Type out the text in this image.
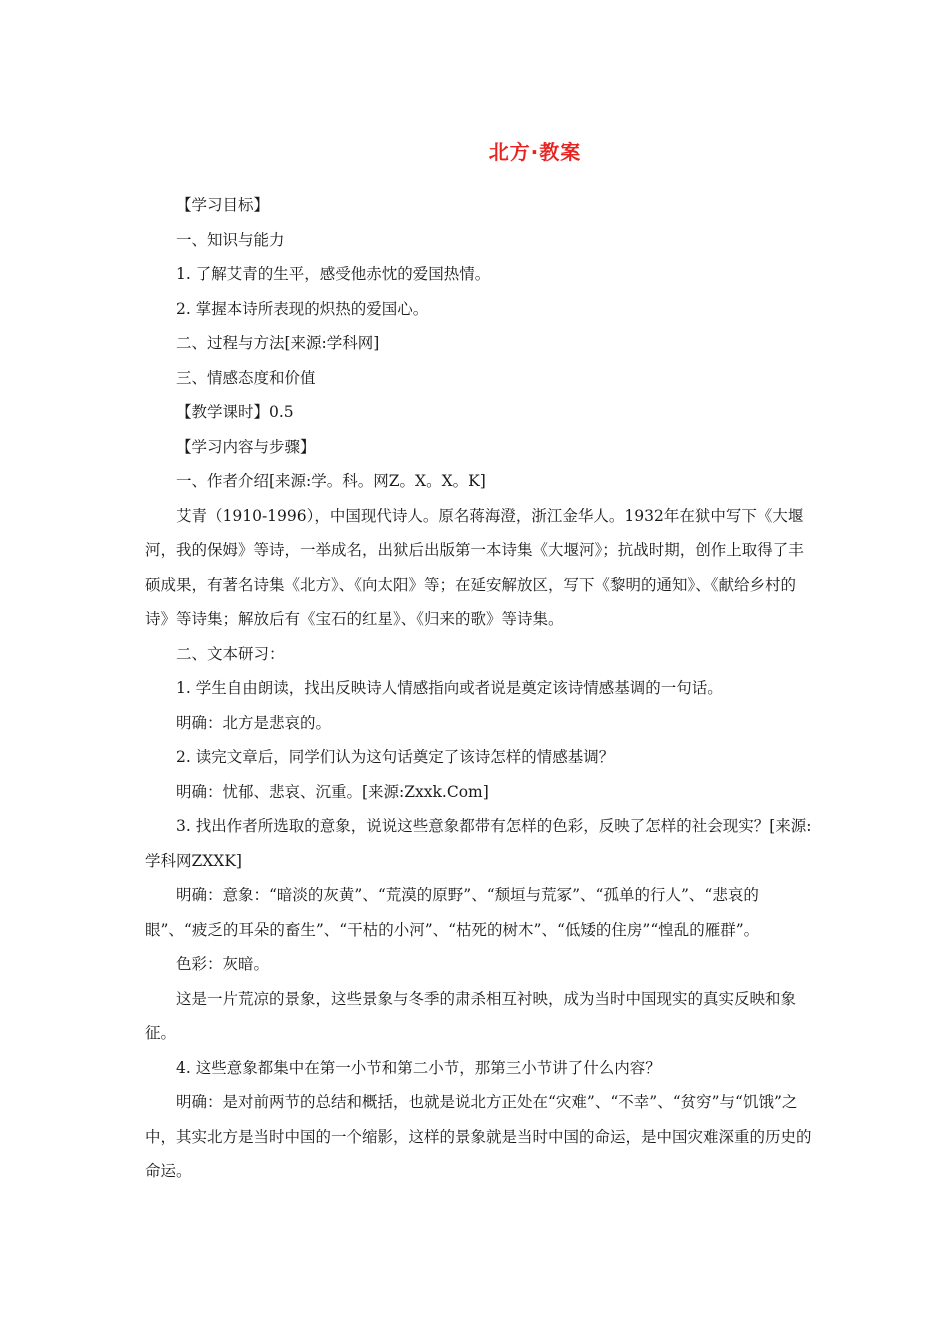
北方·教案

【学习目标】

一、知识与能力

1. 了解艾青的生平，感受他赤忱的爱国热情。

2. 掌握本诗所表现的炽热的爱国心。

二、过程与方法[来源:学科网]

三、情感态度和价值

【教学课时】0.5

【学习内容与步骤】

一、作者介绍[来源:学。科。网Z。X。X。K]

艾青（1910-1996），中国现代诗人。原名蒋海澄，浙江金华人。1932年在狱中写下《大堰河，我的保姆》等诗，一举成名，出狱后出版第一本诗集《大堰河》；抗战时期，创作上取得了丰硕成果，有著名诗集《北方》、《向太阳》等；在延安解放区，写下《黎明的通知》、《献给乡村的诗》等诗集；解放后有《宝石的红星》、《归来的歌》等诗集。

二、文本研习：

1. 学生自由朗读，找出反映诗人情感指向或者说是奠定该诗情感基调的一句话。

明确：北方是悲哀的。

2. 读完文章后，同学们认为这句话奠定了该诗怎样的情感基调？

明确：忧郁、悲哀、沉重。[来源:Zxxk.Com]

3. 找出作者所选取的意象，说说这些意象都带有怎样的色彩，反映了怎样的社会现实？[来源:学科网ZXXK]

明确：意象：“暗淡的灰黄”、“荒漠的原野”、“颓垣与荒冢”、“孤单的行人”、“悲哀的眼”、“疲乏的耳朵的畜生”、“干枯的小河”、“枯死的树木”、“低矮的住房”“惶乱的雁群”。

色彩：灰暗。

这是一片荒凉的景象，这些景象与冬季的肃杀相互衬映，成为当时中国现实的真实反映和象征。

4. 这些意象都集中在第一小节和第二小节，那第三小节讲了什么内容？

明确：是对前两节的总结和概括，也就是说北方正处在“灾难”、“不幸”、“贫穷”与“饥饿”之中，其实北方是当时中国的一个缩影，这样的景象就是当时中国的命运，是中国灾难深重的历史的命运。
